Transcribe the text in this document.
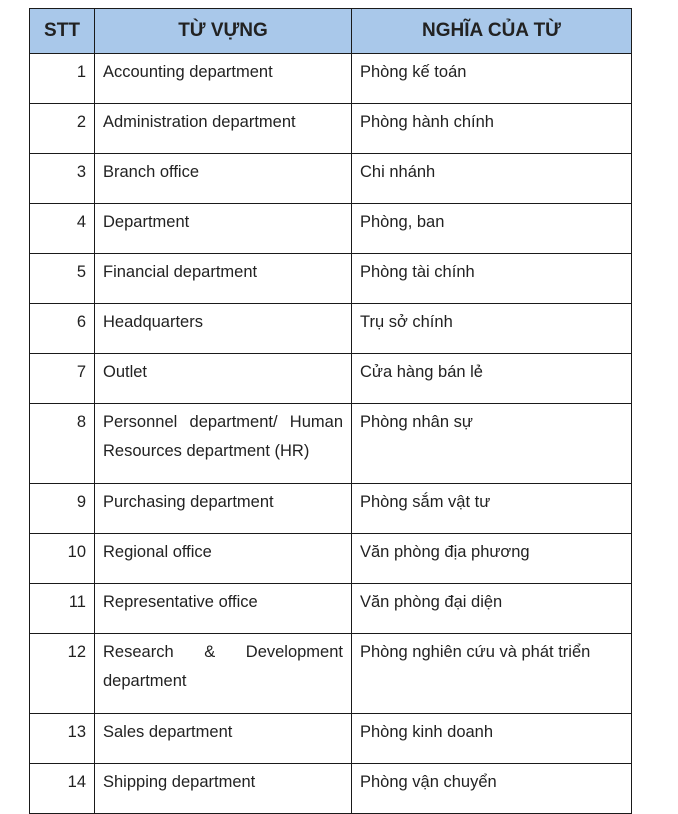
STT	TỪ VỰNG	NGHĨA CỦA TỪ
1	Accounting department	Phòng kế toán
2	Administration department	Phòng hành chính
3	Branch office	Chi nhánh
4	Department	Phòng, ban
5	Financial department	Phòng tài chính
6	Headquarters	Trụ sở chính
7	Outlet	Cửa hàng bán lẻ
8	Personnel department/ Human Resources department (HR)	Phòng nhân sự
9	Purchasing department	Phòng sắm vật tư
10	Regional office	Văn phòng địa phương
11	Representative office	Văn phòng đại diện
12	Research & Development department	Phòng nghiên cứu và phát triển
13	Sales department	Phòng kinh doanh
14	Shipping department	Phòng vận chuyển
